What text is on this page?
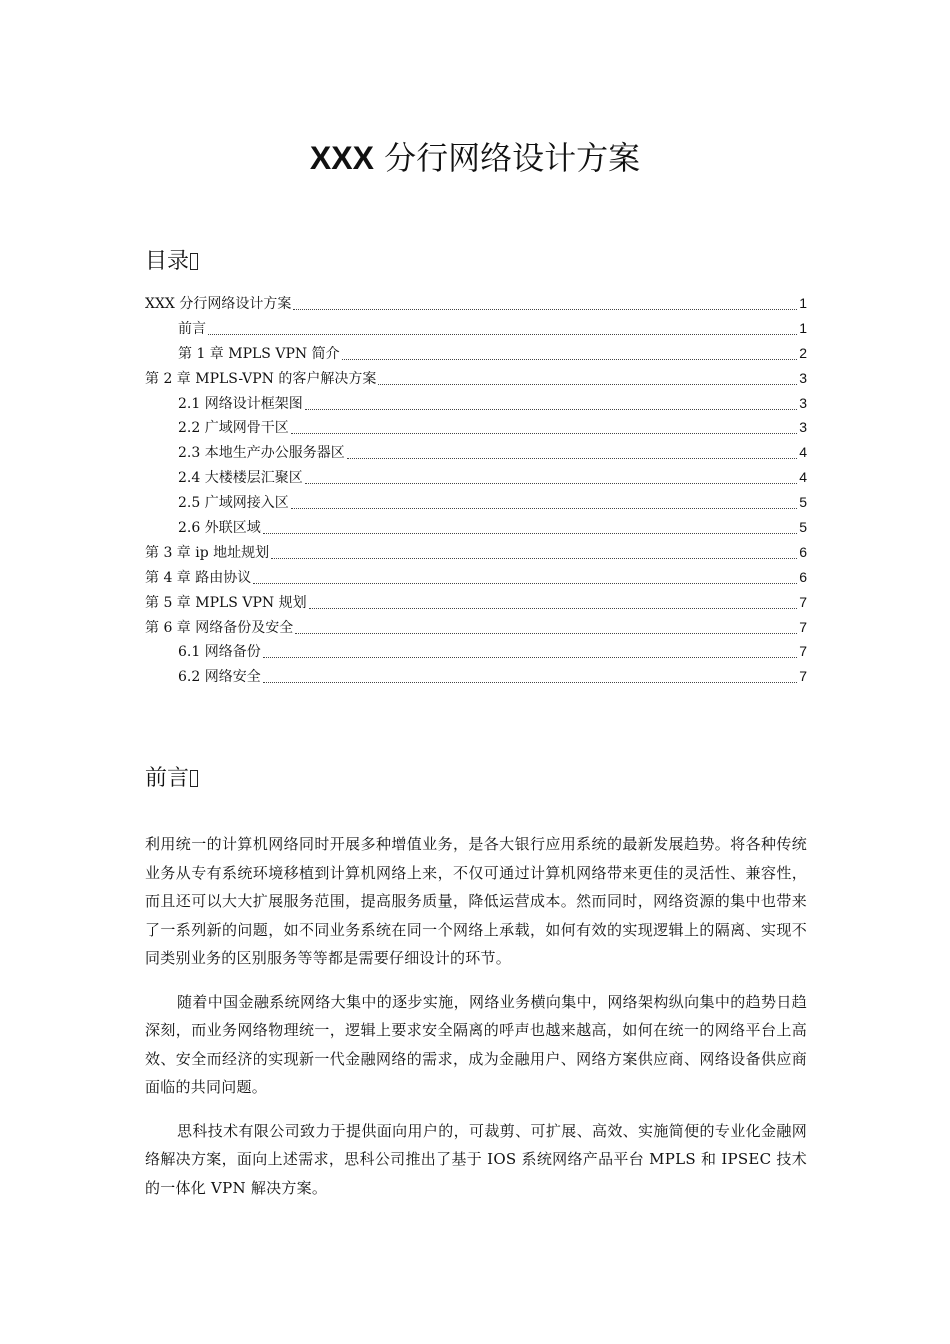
XXX 分行网络设计方案
目录
XXX 分行网络设计方案	1
前言	1
第 1 章 MPLS VPN 简介	2
第 2 章 MPLS-VPN 的客户解决方案	3
2.1 网络设计框架图	3
2.2 广域网骨干区	3
2.3 本地生产办公服务器区	4
2.4 大楼楼层汇聚区	4
2.5 广域网接入区	5
2.6 外联区域	5
第 3 章 ip 地址规划	6
第 4 章 路由协议	6
第 5 章 MPLS VPN 规划	7
第 6 章 网络备份及安全	7
6.1 网络备份	7
6.2 网络安全	7
前言

利用统一的计算机网络同时开展多种增值业务，是各大银行应用系统的最新发展趋势。将各种传统业务从专有系统环境移植到计算机网络上来，不仅可通过计算机网络带来更佳的灵活性、兼容性，而且还可以大大扩展服务范围，提高服务质量，降低运营成本。然而同时，网络资源的集中也带来了一系列新的问题，如不同业务系统在同一个网络上承载，如何有效的实现逻辑上的隔离、实现不同类别业务的区别服务等等都是需要仔细设计的环节。

随着中国金融系统网络大集中的逐步实施，网络业务横向集中，网络架构纵向集中的趋势日趋深刻，而业务网络物理统一，逻辑上要求安全隔离的呼声也越来越高，如何在统一的网络平台上高效、安全而经济的实现新一代金融网络的需求，成为金融用户、网络方案供应商、网络设备供应商面临的共同问题。

思科技术有限公司致力于提供面向用户的，可裁剪、可扩展、高效、实施简便的专业化金融网络解决方案，面向上述需求，思科公司推出了基于 IOS 系统网络产品平台 MPLS 和 IPSEC 技术的一体化 VPN 解决方案。
